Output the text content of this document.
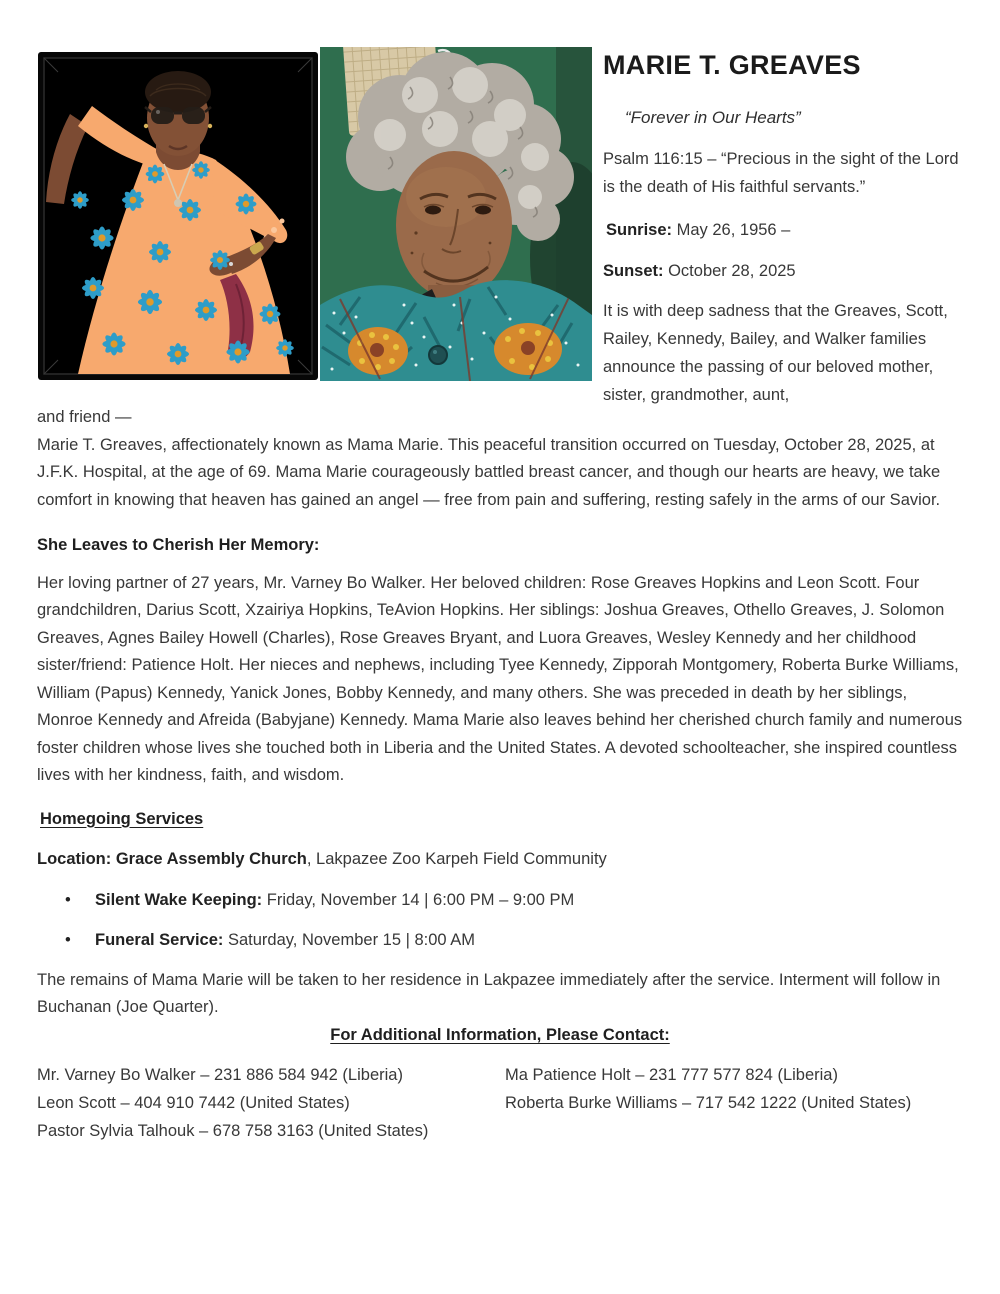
MARIE T. GREAVES
“Forever in Our Hearts”
Psalm 116:15 – “Precious in the sight of the Lord is the death of His faithful servants.”
Sunrise: May 26, 1956 –
Sunset: October 28, 2025
It is with deep sadness that the Greaves, Scott, Railey, Kennedy, Bailey, and Walker families announce the passing of our beloved mother, sister, grandmother, aunt,

and friend —

Marie T. Greaves, affectionately known as Mama Marie. This peaceful transition occurred on Tuesday, October 28, 2025, at J.F.K. Hospital, at the age of 69. Mama Marie courageously battled breast cancer, and though our hearts are heavy, we take comfort in knowing that heaven has gained an angel — free from pain and suffering, resting safely in the arms of our Savior.

She Leaves to Cherish Her Memory:

Her loving partner of 27 years, Mr. Varney Bo Walker. Her beloved children: Rose Greaves Hopkins and Leon Scott. Four grandchildren, Darius Scott, Xzairiya Hopkins, TeAvion Hopkins. Her siblings: Joshua Greaves, Othello Greaves, J. Solomon Greaves, Agnes Bailey Howell (Charles), Rose Greaves Bryant, and Luora Greaves, Wesley Kennedy and her childhood sister/friend: Patience Holt. Her nieces and nephews, including Tyee Kennedy, Zipporah Montgomery, Roberta Burke Williams, William (Papus) Kennedy, Yanick Jones, Bobby Kennedy, and many others. She was preceded in death by her siblings, Monroe Kennedy and Afreida (Babyjane) Kennedy. Mama Marie also leaves behind her cherished church family and numerous foster children whose lives she touched both in Liberia and the United States. A devoted schoolteacher, she inspired countless lives with her kindness, faith, and wisdom.

Homegoing Services

Location: Grace Assembly Church, Lakpazee Zoo Karpeh Field Community

•	Silent Wake Keeping: Friday, November 14 | 6:00 PM – 9:00 PM
•	Funeral Service: Saturday, November 15 | 8:00 AM

The remains of Mama Marie will be taken to her residence in Lakpazee immediately after the service. Interment will follow in Buchanan (Joe Quarter).

For Additional Information, Please Contact:

Mr. Varney Bo Walker – 231 886 584 942 (Liberia)
Leon Scott – 404 910 7442 (United States)
Pastor Sylvia Talhouk – 678 758 3163 (United States)
Ma Patience Holt – 231 777 577 824 (Liberia)
Roberta Burke Williams – 717 542 1222 (United States)
